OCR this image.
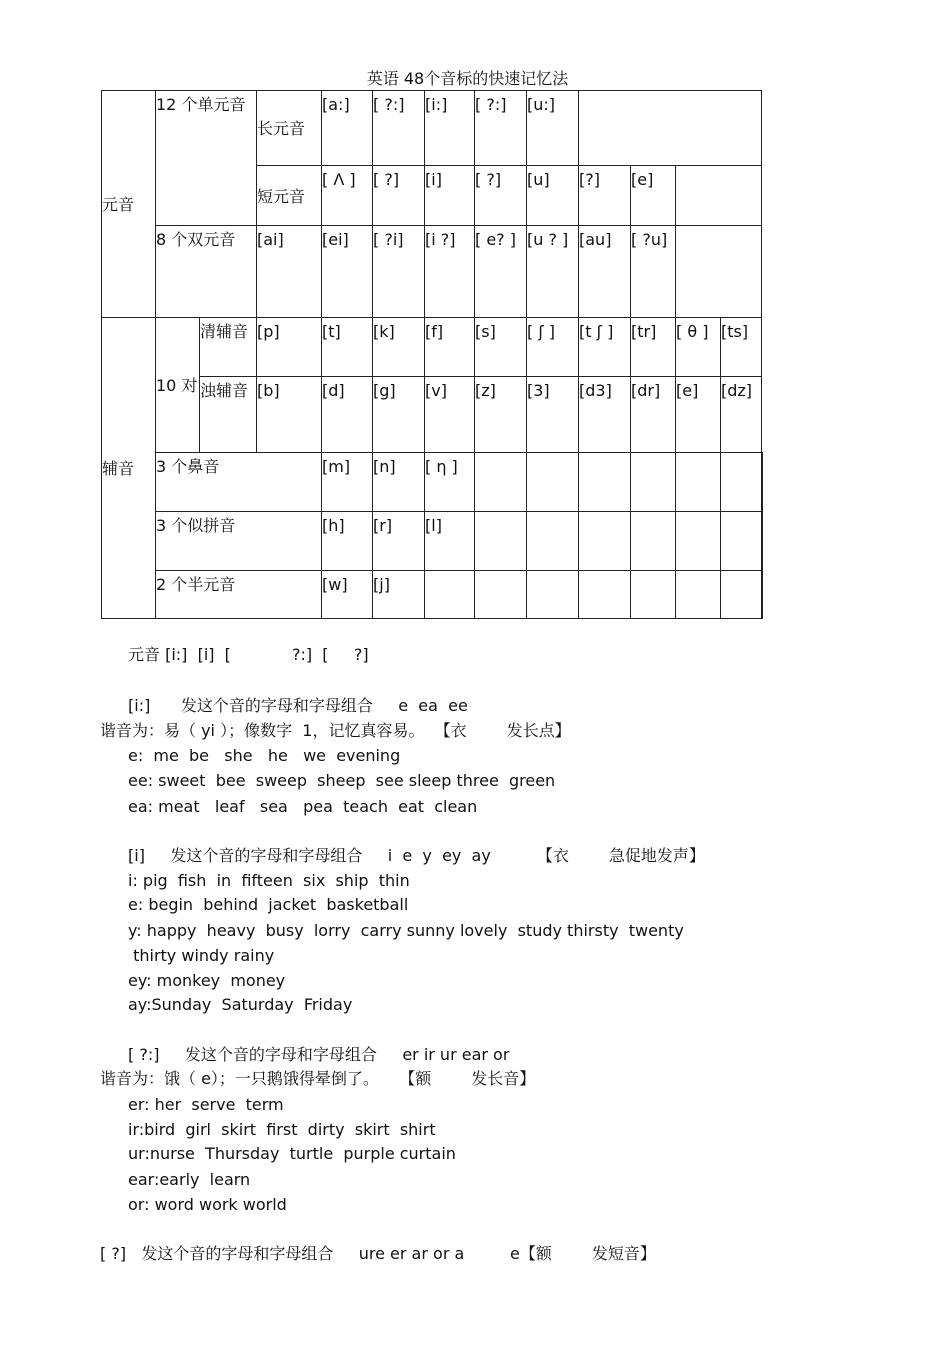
英语 48个音标的快速记忆法
元音	12 个单元音		长元音	[a:]	[ ?:]	[i:]	[ ?:]	[u:]					
			短元音	[ Λ ]	[ ?]	[i]	[ ?]	[u]	[?]	[e]			
	8 个双元音		[ai]	[ei]	[ ?i]	[i ?]	[ e? ]	[u ? ]	[au]	[ ?u]			
辅音	10 对	清辅音	[p]	[t]	[k]	[f]	[s]	[ ʃ ]	[t ʃ ]	[tr]	[ θ ]	[ts]	
		浊辅音	[b]	[d]	[g]	[v]	[z]	[3]	[d3]	[dr]	[e]	[dz]	
	3 个鼻音			[m]	[n]	[ η ]							
	3 个似拼音			[h]	[r]	[l]							
	2 个半元音			[w]	[j]								
元音 [i:]  [i]  [            ?:]  [     ?]
[i:]      发这个音的字母和字母组合     e  ea  ee
谐音为：易（ yi ）；像数字  1，记忆真容易。  【衣	发长点】
e:  me  be   she   he   we  evening
ee: sweet  bee  sweep  sheep  see sleep three  green
ea: meat   leaf   sea   pea  teach  eat  clean
[i]     发这个音的字母和字母组合     i  e  y  ey  ay	【衣	急促地发声】
i: pig  fish  in  fifteen  six  ship  thin
e: begin  behind  jacket  basketball
y: happy  heavy  busy  lorry  carry sunny lovely  study thirsty  twenty
thirty windy rainy
ey: monkey  money
ay:Sunday  Saturday  Friday
[ ?:]     发这个音的字母和字母组合     er ir ur ear or
谐音为：饿（ e）；一只鹅饿得晕倒了。    【额	发长音】
er: her  serve  term
ir:bird  girl  skirt  first  dirty  skirt  shirt
ur:nurse  Thursday  turtle  purple curtain
ear:early  learn
or: word work world
[ ?]   发这个音的字母和字母组合     ure er ar or a         e【额	发短音】
